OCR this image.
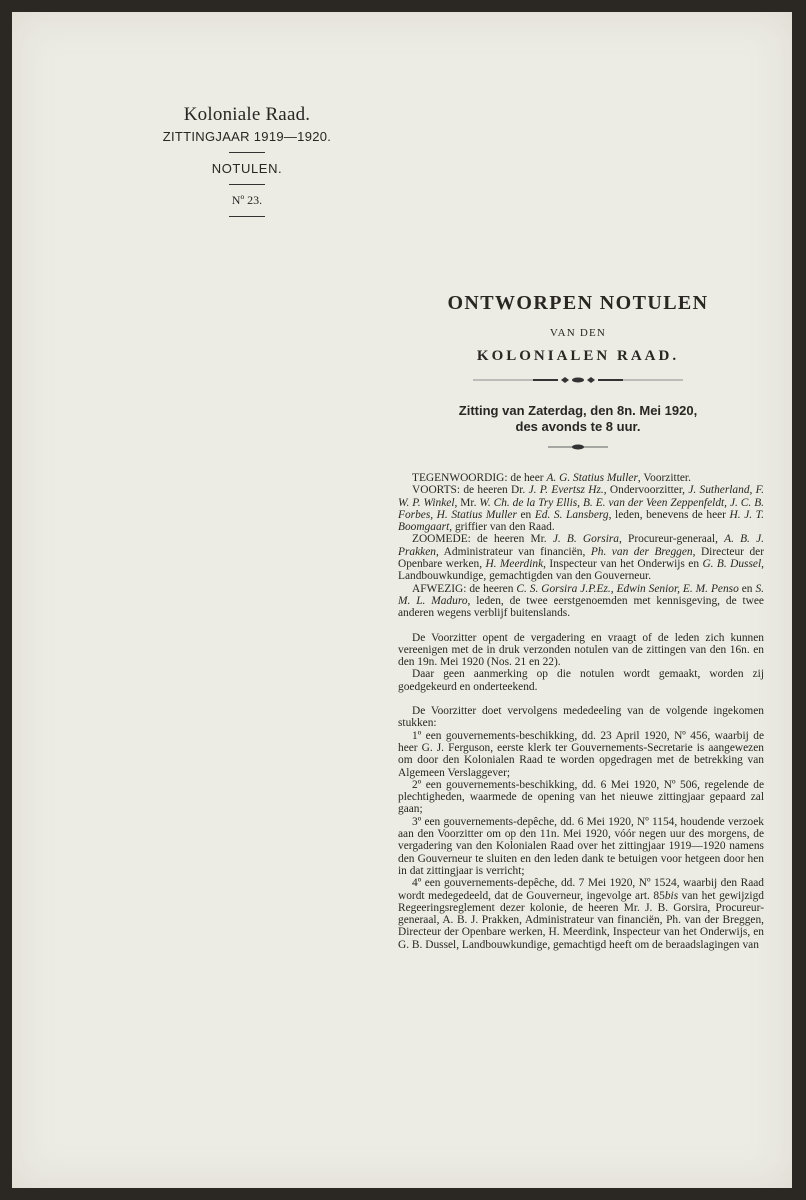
Koloniale Raad.
ZITTINGJAAR 1919—1920.
NOTULEN.
Nº 23.
ONTWORPEN NOTULEN
VAN DEN
KOLONIALEN RAAD.
Zitting van Zaterdag, den 8n. Mei 1920,
des avonds te 8 uur.

TEGENWOORDIG: de heer A. G. Statius Muller, Voorzitter.

VOORTS: de heeren Dr. J. P. Evertsz Hz., Ondervoorzitter, J. Sutherland, F. W. P. Winkel, Mr. W. Ch. de la Try Ellis, B. E. van der Veen Zeppenfeldt, J. C. B. Forbes, H. Statius Muller en Ed. S. Lansberg, leden, benevens de heer H. J. T. Boomgaart, griffier van den Raad.

ZOOMEDE: de heeren Mr. J. B. Gorsira, Procureur-generaal, A. B. J. Prakken, Administrateur van financiën, Ph. van der Breggen, Directeur der Openbare werken, H. Meerdink, Inspecteur van het Onderwijs en G. B. Dussel, Landbouwkundige, gemachtigden van den Gouverneur.

AFWEZIG: de heeren C. S. Gorsira J.P.Ez., Edwin Senior, E. M. Penso en S. M. L. Maduro, leden, de twee eerstgenoemden met kennisgeving, de twee anderen wegens verblijf buitenslands.

De Voorzitter opent de vergadering en vraagt of de leden zich kunnen vereenigen met de in druk verzonden notulen van de zittingen van den 16n. en den 19n. Mei 1920 (Nos. 21 en 22).

Daar geen aanmerking op die notulen wordt gemaakt, worden zij goedgekeurd en onderteekend.

De Voorzitter doet vervolgens mededeeling van de volgende ingekomen stukken:

1º een gouvernements-beschikking, dd. 23 April 1920, Nº 456, waarbij de heer G. J. Ferguson, eerste klerk ter Gouvernements-Secretarie is aangewezen om door den Kolonialen Raad te worden opgedragen met de betrekking van Algemeen Verslaggever;

2º een gouvernements-beschikking, dd. 6 Mei 1920, Nº 506, regelende de plechtigheden, waarmede de opening van het nieuwe zittingjaar gepaard zal gaan;

3º een gouvernements-depêche, dd. 6 Mei 1920, Nº 1154, houdende verzoek aan den Voorzitter om op den 11n. Mei 1920, vóór negen uur des morgens, de vergadering van den Kolonialen Raad over het zittingjaar 1919—1920 namens den Gouverneur te sluiten en den leden dank te betuigen voor hetgeen door hen in dat zittingjaar is verricht;

4º een gouvernements-depêche, dd. 7 Mei 1920, Nº 1524, waarbij den Raad wordt medegedeeld, dat de Gouverneur, ingevolge art. 85bis van het gewijzigd Regeeringsreglement dezer kolonie, de heeren Mr. J. B. Gorsira, Procureur-generaal, A. B. J. Prakken, Administrateur van financiën, Ph. van der Breggen, Directeur der Openbare werken, H. Meerdink, Inspecteur van het Onderwijs, en G. B. Dussel, Landbouwkundige, gemachtigd heeft om de beraadslagingen van
